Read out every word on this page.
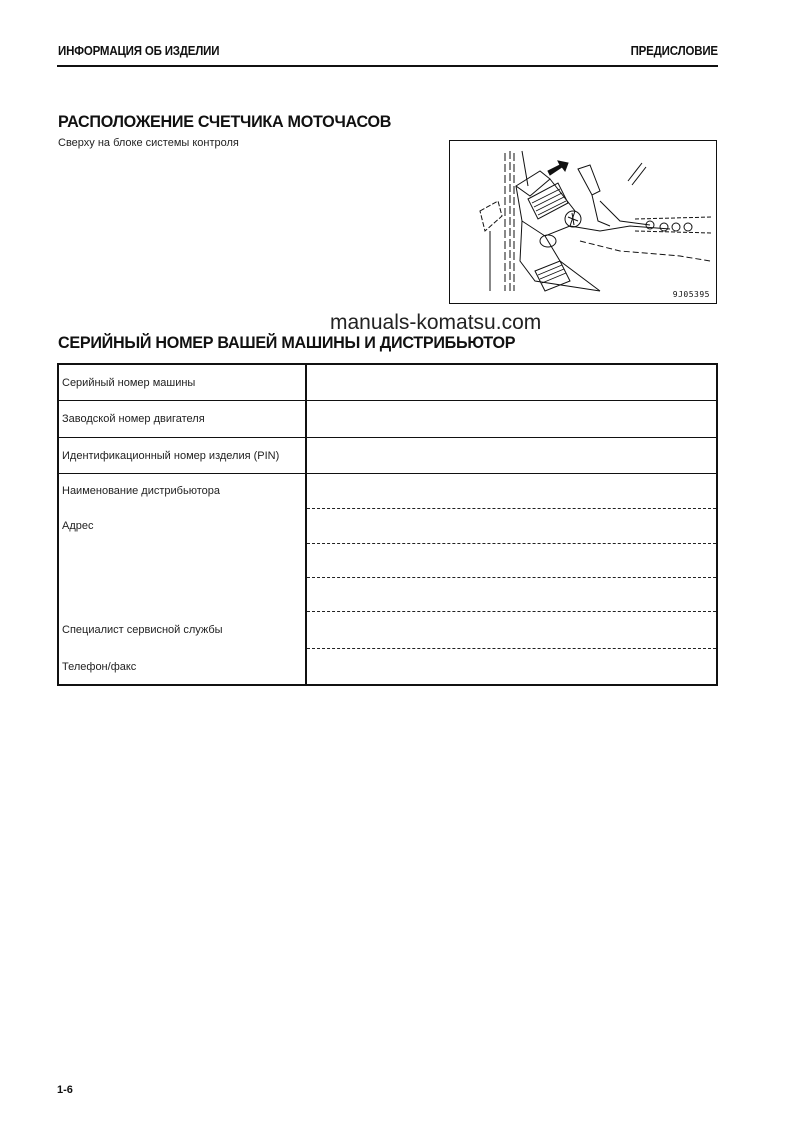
ИНФОРМАЦИЯ ОБ ИЗДЕЛИИ	ПРЕДИСЛОВИЕ
РАСПОЛОЖЕНИЕ СЧЕТЧИКА МОТОЧАСОВ
Сверху на блоке системы контроля
9J05395
manuals-komatsu.com
СЕРИЙНЫЙ НОМЕР ВАШЕЙ МАШИНЫ И ДИСТРИБЬЮТОР
Серийный номер машины
Заводской номер двигателя
Идентификационный номер изделия (PIN)
Наименование дистрибьютора
Адрес
Специалист сервисной службы
Телефон/факс
1-6
